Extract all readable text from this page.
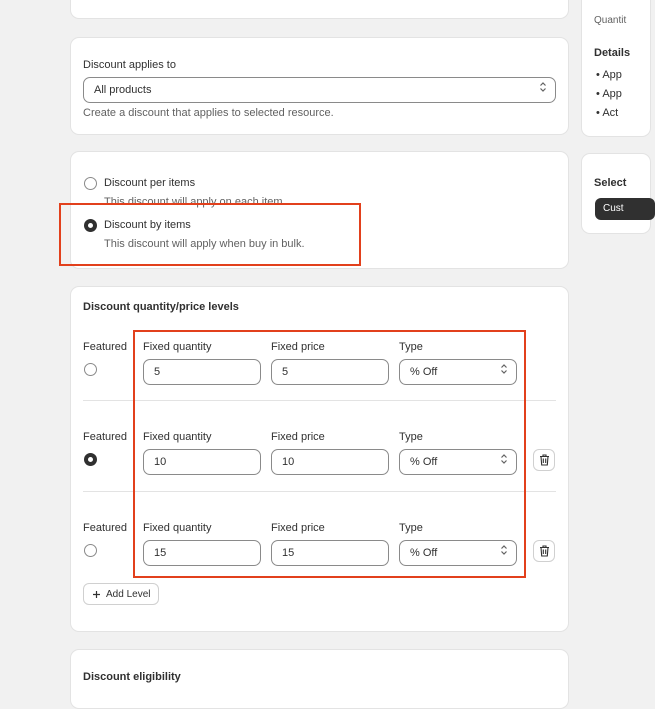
Discount applies to
All products
Create a discount that applies to selected resource.
Discount per items
This discount will apply on each item.
Discount by items
This discount will apply when buy in bulk.
Discount quantity/price levels
Featured Fixed quantity	Fixed price	Type
5	5	% Off
Featured Fixed quantity	Fixed price	Type
10	10	% Off
Featured Fixed quantity	Fixed price	Type
15	15	% Off
Add Level
Discount eligibility
Quantit
Details
• App
• App
• Act
Select
Cust
